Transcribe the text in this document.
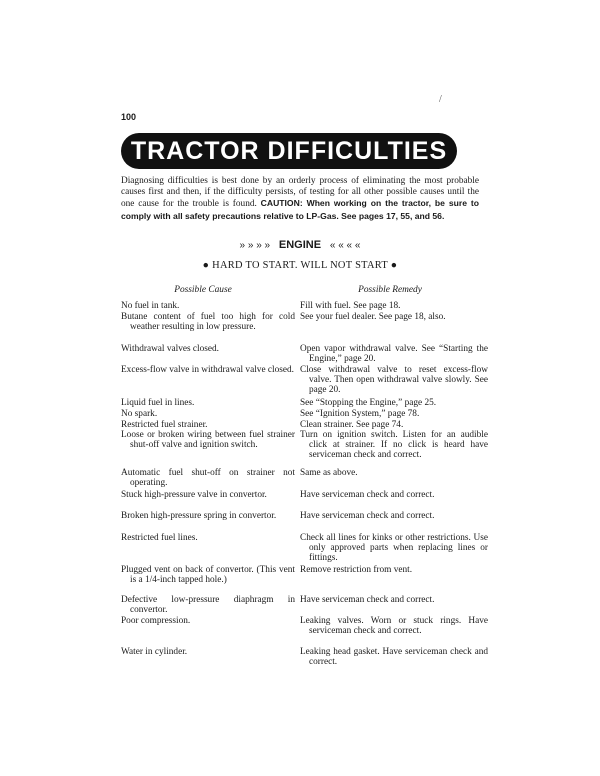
100
/
TRACTOR DIFFICULTIES
Diagnosing difficulties is best done by an orderly process of eliminating the most probable causes first and then, if the difficulty persists, of testing for all other possible causes until the one cause for the trouble is found. CAUTION: When working on the tractor, be sure to comply with all safety precautions relative to LP-Gas. See pages 17, 55, and 56.
» » » » ENGINE « « « «
● HARD TO START. WILL NOT START ●
Possible Cause	Possible Remedy
No fuel in tank.
Butane content of fuel too high for cold weather resulting in low pressure.
Withdrawal valves closed.
Excess-flow valve in withdrawal valve closed.
Liquid fuel in lines.
No spark.
Restricted fuel strainer.
Loose or broken wiring between fuel strainer shut-off valve and ignition switch.
Automatic fuel shut-off on strainer not operating.
Stuck high-pressure valve in convertor.
Broken high-pressure spring in convertor.
Restricted fuel lines.
Plugged vent on back of convertor. (This vent is a 1/4-inch tapped hole.)
Defective low-pressure diaphragm in convertor.
Poor compression.
Water in cylinder.
Fill with fuel. See page 18.
See your fuel dealer. See page 18, also.
Open vapor withdrawal valve. See “Starting the Engine,” page 20.
Close withdrawal valve to reset excess-flow valve. Then open withdrawal valve slowly. See page 20.
See “Stopping the Engine,” page 25.
See “Ignition System,” page 78.
Clean strainer. See page 74.
Turn on ignition switch. Listen for an audible click at strainer. If no click is heard have serviceman check and correct.
Same as above.
Have serviceman check and correct.
Have serviceman check and correct.
Check all lines for kinks or other restrictions. Use only approved parts when replacing lines or fittings.
Remove restriction from vent.
Have serviceman check and correct.
Leaking valves. Worn or stuck rings. Have serviceman check and correct.
Leaking head gasket. Have serviceman check and correct.
